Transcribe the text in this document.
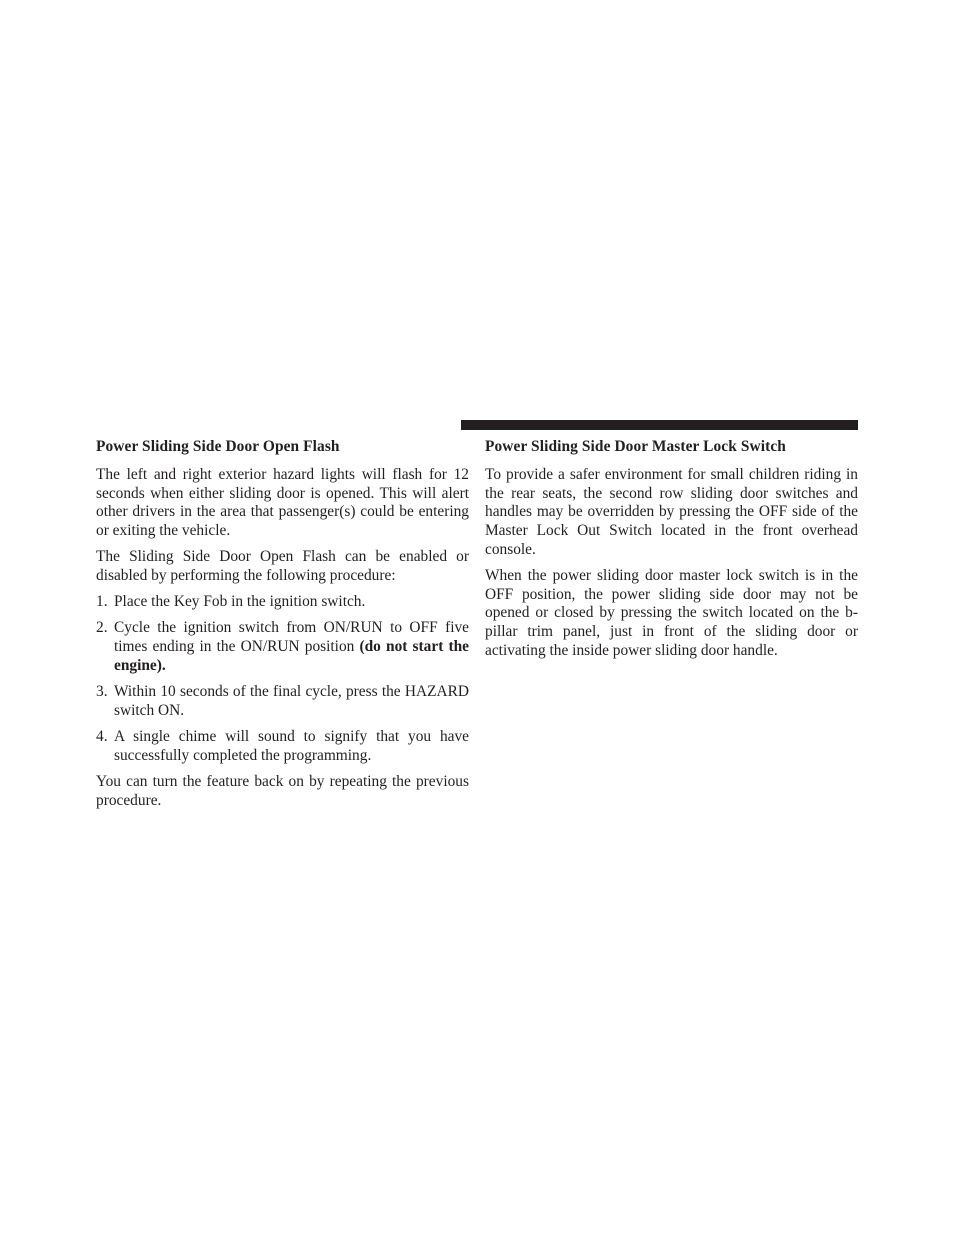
Power Sliding Side Door Open Flash

The left and right exterior hazard lights will flash for 12 seconds when either sliding door is opened. This will alert other drivers in the area that passenger(s) could be entering or exiting the vehicle.

The Sliding Side Door Open Flash can be enabled or disabled by performing the following procedure:

1. Place the Key Fob in the ignition switch.
2. Cycle the ignition switch from ON/RUN to OFF five times ending in the ON/RUN position (do not start the engine).
3. Within 10 seconds of the final cycle, press the HAZARD switch ON.
4. A single chime will sound to signify that you have successfully completed the programming.

You can turn the feature back on by repeating the previous procedure.

Power Sliding Side Door Master Lock Switch

To provide a safer environment for small children riding in the rear seats, the second row sliding door switches and handles may be overridden by pressing the OFF side of the Master Lock Out Switch located in the front overhead console.

When the power sliding door master lock switch is in the OFF position, the power sliding side door may not be opened or closed by pressing the switch located on the b-pillar trim panel, just in front of the sliding door or activating the inside power sliding door handle.
